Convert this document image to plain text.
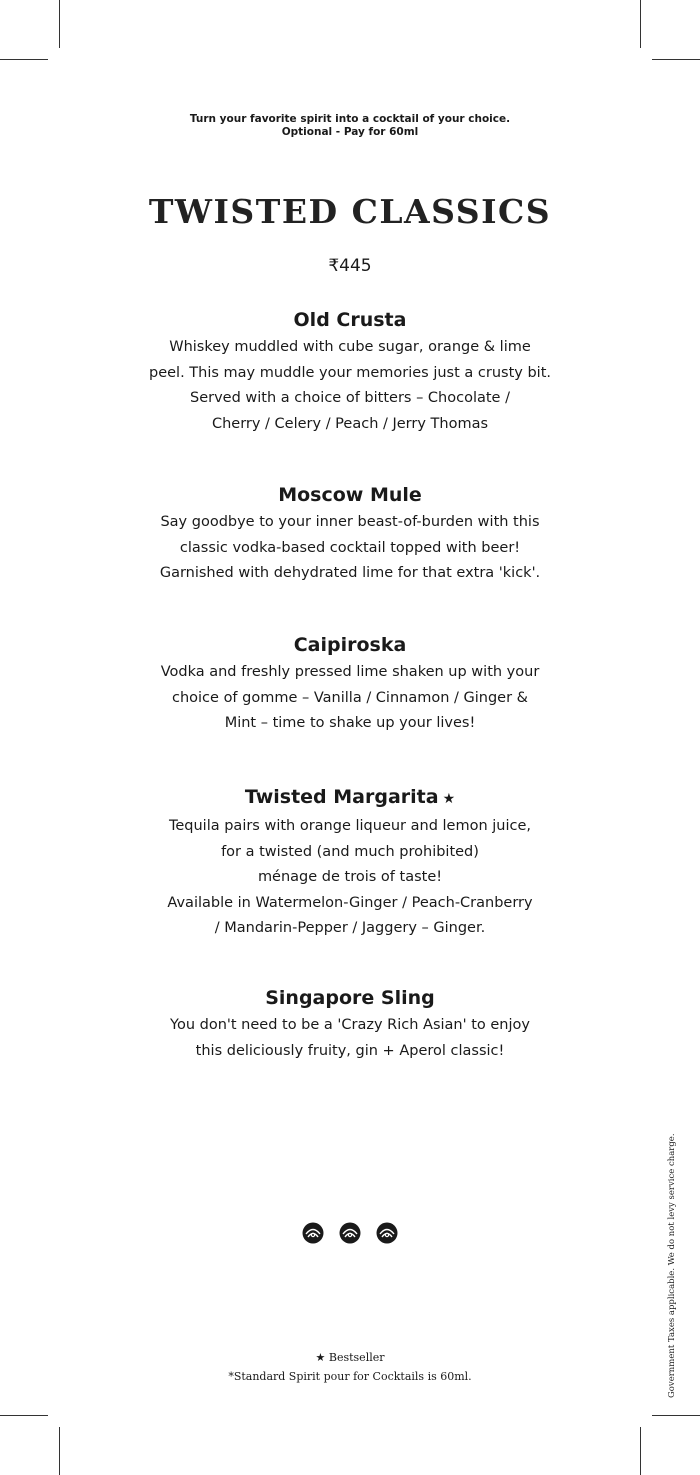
Turn your favorite spirit into a cocktail of your choice.
Optional - Pay for 60ml
TWISTED CLASSICS
₹445
Old Crusta
Whiskey muddled with cube sugar, orange & lime
peel. This may muddle your memories just a crusty bit.
Served with a choice of bitters – Chocolate /
Cherry / Celery / Peach / Jerry Thomas
Moscow Mule
Say goodbye to your inner beast-of-burden with this
classic vodka-based cocktail topped with beer!
Garnished with dehydrated lime for that extra 'kick'.
Caipiroska
Vodka and freshly pressed lime shaken up with your
choice of gomme – Vanilla / Cinnamon / Ginger &
Mint – time to shake up your lives!
Twisted Margarita ★
Tequila pairs with orange liqueur and lemon juice,
for a twisted (and much prohibited)
ménage de trois of taste!
Available in Watermelon-Ginger / Peach-Cranberry
/ Mandarin-Pepper / Jaggery – Ginger.
Singapore Sling
You don't need to be a 'Crazy Rich Asian' to enjoy
this deliciously fruity, gin + Aperol classic!

★ Bestseller
*Standard Spirit pour for Cocktails is 60ml.	Government Taxes applicable. We do not levy service charge.
